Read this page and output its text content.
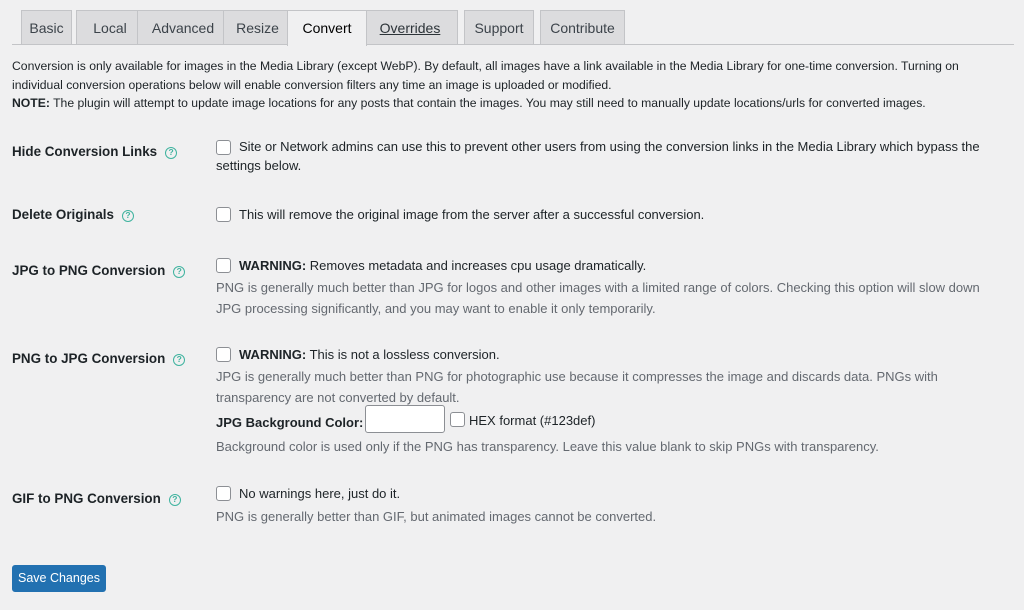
Basic	Local	Advanced	Resize	Convert	Overrides	Support	Contribute
Conversion is only available for images in the Media Library (except WebP). By default, all images have a link available in the Media Library for one-time conversion. Turning on individual conversion operations below will enable conversion filters any time an image is uploaded or modified.
NOTE: The plugin will attempt to update image locations for any posts that contain the images. You may still need to manually update locations/urls for converted images.
Hide Conversion Links ?	Site or Network admins can use this to prevent other users from using the conversion links in the Media Library which bypass the settings below.
Delete Originals ?	This will remove the original image from the server after a successful conversion.
JPG to PNG Conversion ?	WARNING: Removes metadata and increases cpu usage dramatically.
PNG is generally much better than JPG for logos and other images with a limited range of colors. Checking this option will slow down JPG processing significantly, and you may want to enable it only temporarily.
PNG to JPG Conversion ?	WARNING: This is not a lossless conversion.
JPG is generally much better than PNG for photographic use because it compresses the image and discards data. PNGs with transparency are not converted by default.
JPG Background Color:	HEX format (#123def)
Background color is used only if the PNG has transparency. Leave this value blank to skip PNGs with transparency.
GIF to PNG Conversion ?	No warnings here, just do it.
PNG is generally better than GIF, but animated images cannot be converted.
Save Changes
